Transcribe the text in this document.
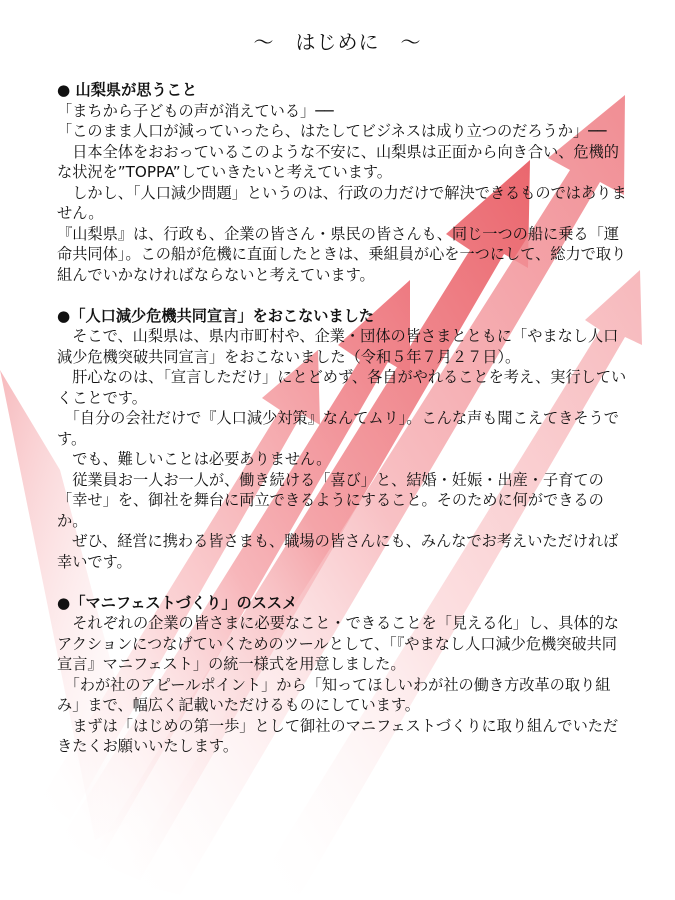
～　はじめに　～
● 山梨県が思うこと

「まちから子どもの声が消えている」──

「このまま人口が減っていったら、はたしてビジネスは成り立つのだろうか」──

　日本全体をおおっているこのような不安に、山梨県は正面から向き合い、危機的な状況を”TOPPA”していきたいと考えています。

　しかし、「人口減少問題」というのは、行政の力だけで解決できるものではありません。

『山梨県』は、行政も、企業の皆さん・県民の皆さんも、同じ一つの船に乗る「運命共同体」。この船が危機に直面したときは、乗組員が心を一つにして、総力で取り組んでいかなければならないと考えています。

●「人口減少危機共同宣言」をおこないました

　そこで、山梨県は、県内市町村や、企業・団体の皆さまとともに「やまなし人口減少危機突破共同宣言」をおこないました（令和５年７月２７日）。

　肝心なのは、「宣言しただけ」にとどめず、各自がやれることを考え、実行していくことです。

　「自分の会社だけで『人口減少対策』なんてムリ」。こんな声も聞こえてきそうです。

　でも、難しいことは必要ありません。

　従業員お一人お一人が、働き続ける「喜び」と、結婚・妊娠・出産・子育ての「幸せ」を、御社を舞台に両立できるようにすること。そのために何ができるのか。

　ぜひ、経営に携わる皆さまも、職場の皆さんにも、みんなでお考えいただければ幸いです。

●「マニフェストづくり」のススメ

　それぞれの企業の皆さまに必要なこと・できることを「見える化」し、具体的なアクションにつなげていくためのツールとして、「『やまなし人口減少危機突破共同宣言』マニフェスト」の統一様式を用意しました。

　「わが社のアピールポイント」から「知ってほしいわが社の働き方改革の取り組み」まで、幅広く記載いただけるものにしています。

　まずは「はじめの第一歩」として御社のマニフェストづくりに取り組んでいただきたくお願いいたします。
